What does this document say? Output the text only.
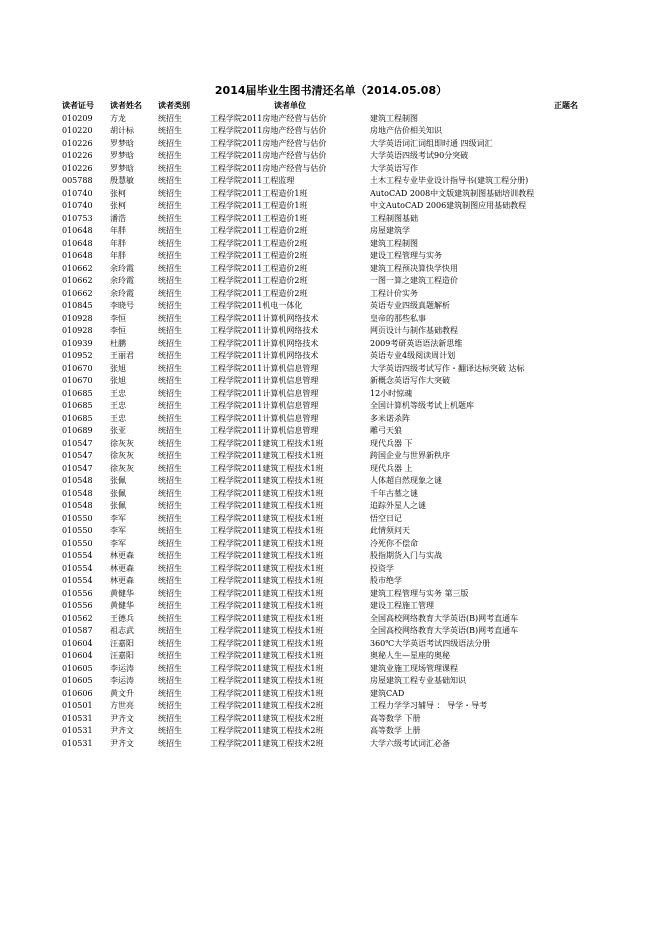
2014届毕业生图书清还名单（2014.05.08）
读者证号	读者姓名	读者类别	读者单位	正题名
010209	方龙	统招生	工程学院2011房地产经营与估价	建筑工程制图
010220	胡计标	统招生	工程学院2011房地产经营与估价	房地产估价相关知识
010226	罗梦晗	统招生	工程学院2011房地产经营与估价	大学英语词汇词组即时通 四级词汇
010226	罗梦晗	统招生	工程学院2011房地产经营与估价	大学英语四级考试90分突破
010226	罗梦晗	统招生	工程学院2011房地产经营与估价	大学英语写作
005788	殷慧敏	统招生	工程学院2011工程监理	土木工程专业毕业设计指导书(建筑工程分册)
010740	张柯	统招生	工程学院2011工程造价1班	AutoCAD 2008中文版建筑制图基础培训教程
010740	张柯	统招生	工程学院2011工程造价1班	中文AutoCAD 2006建筑制图应用基础教程
010753	潘浩	统招生	工程学院2011工程造价1班	工程制图基础
010648	年胖	统招生	工程学院2011工程造价2班	房屋建筑学
010648	年胖	统招生	工程学院2011工程造价2班	建筑工程制图
010648	年胖	统招生	工程学院2011工程造价2班	建设工程管理与实务
010662	余玲霞	统招生	工程学院2011工程造价2班	建筑工程预决算快学快用
010662	余玲霞	统招生	工程学院2011工程造价2班	一图一算之建筑工程造价
010662	余玲霞	统招生	工程学院2011工程造价2班	工程计价实务
010845	李晓号	统招生	工程学院2011机电一体化	英语专业四级真题解析
010928	李恒	统招生	工程学院2011计算机网络技术	皇帝的那些私事
010928	李恒	统招生	工程学院2011计算机网络技术	网页设计与制作基础教程
010939	杜鹏	统招生	工程学院2011计算机网络技术	2009考研英语语法新思维
010952	王丽君	统招生	工程学院2011计算机网络技术	英语专业4级阅读周计划
010670	张旭	统招生	工程学院2011计算机信息管理	大学英语四级考试写作・翻译达标突破 达标
010670	张旭	统招生	工程学院2011计算机信息管理	新概念英语写作大突破
010685	王忠	统招生	工程学院2011计算机信息管理	12小时惊魂
010685	王忠	统招生	工程学院2011计算机信息管理	全国计算机等级考试上机题库
010685	王忠	统招生	工程学院2011计算机信息管理	多米诺杀阵
010689	张亚	统招生	工程学院2011计算机信息管理	雕弓天狼
010547	徐灰灰	统招生	工程学院2011建筑工程技术1班	现代兵器 下
010547	徐灰灰	统招生	工程学院2011建筑工程技术1班	跨国企业与世界新秩序
010547	徐灰灰	统招生	工程学院2011建筑工程技术1班	现代兵器 上
010548	张佩	统招生	工程学院2011建筑工程技术1班	人体超自然现象之谜
010548	张佩	统招生	工程学院2011建筑工程技术1班	千年古墓之谜
010548	张佩	统招生	工程学院2011建筑工程技术1班	追踪外星人之谜
010550	李军	统招生	工程学院2011建筑工程技术1班	悟空日记
010550	李军	统招生	工程学院2011建筑工程技术1班	此情须问天
010550	李军	统招生	工程学院2011建筑工程技术1班	冷死你不偿命
010554	林更森	统招生	工程学院2011建筑工程技术1班	股指期货入门与实战
010554	林更森	统招生	工程学院2011建筑工程技术1班	投资学
010554	林更森	统招生	工程学院2011建筑工程技术1班	股市绝学
010556	黄健华	统招生	工程学院2011建筑工程技术1班	建筑工程管理与实务 第三版
010556	黄健华	统招生	工程学院2011建筑工程技术1班	建设工程施工管理
010562	王德兵	统招生	工程学院2011建筑工程技术1班	全国高校网络教育大学英语(B)网考直通车
010587	祖志武	统招生	工程学院2011建筑工程技术1班	全国高校网络教育大学英语(B)网考直通车
010604	汪嘉阳	统招生	工程学院2011建筑工程技术1班	360℃大学英语考试四级语法分册
010604	汪嘉阳	统招生	工程学院2011建筑工程技术1班	奥秘人生—星座的奥秘
010605	李运涛	统招生	工程学院2011建筑工程技术1班	建筑业施工现场管理课程
010605	李运涛	统招生	工程学院2011建筑工程技术1班	房屋建筑工程专业基础知识
010606	黄文升	统招生	工程学院2011建筑工程技术1班	建筑CAD
010501	方世亮	统招生	工程学院2011建筑工程技术2班	工程力学学习辅导 ： 导学・导考
010531	尹齐文	统招生	工程学院2011建筑工程技术2班	高等数学 下册
010531	尹齐文	统招生	工程学院2011建筑工程技术2班	高等数学 上册
010531	尹齐文	统招生	工程学院2011建筑工程技术2班	大学六级考试词汇必备
